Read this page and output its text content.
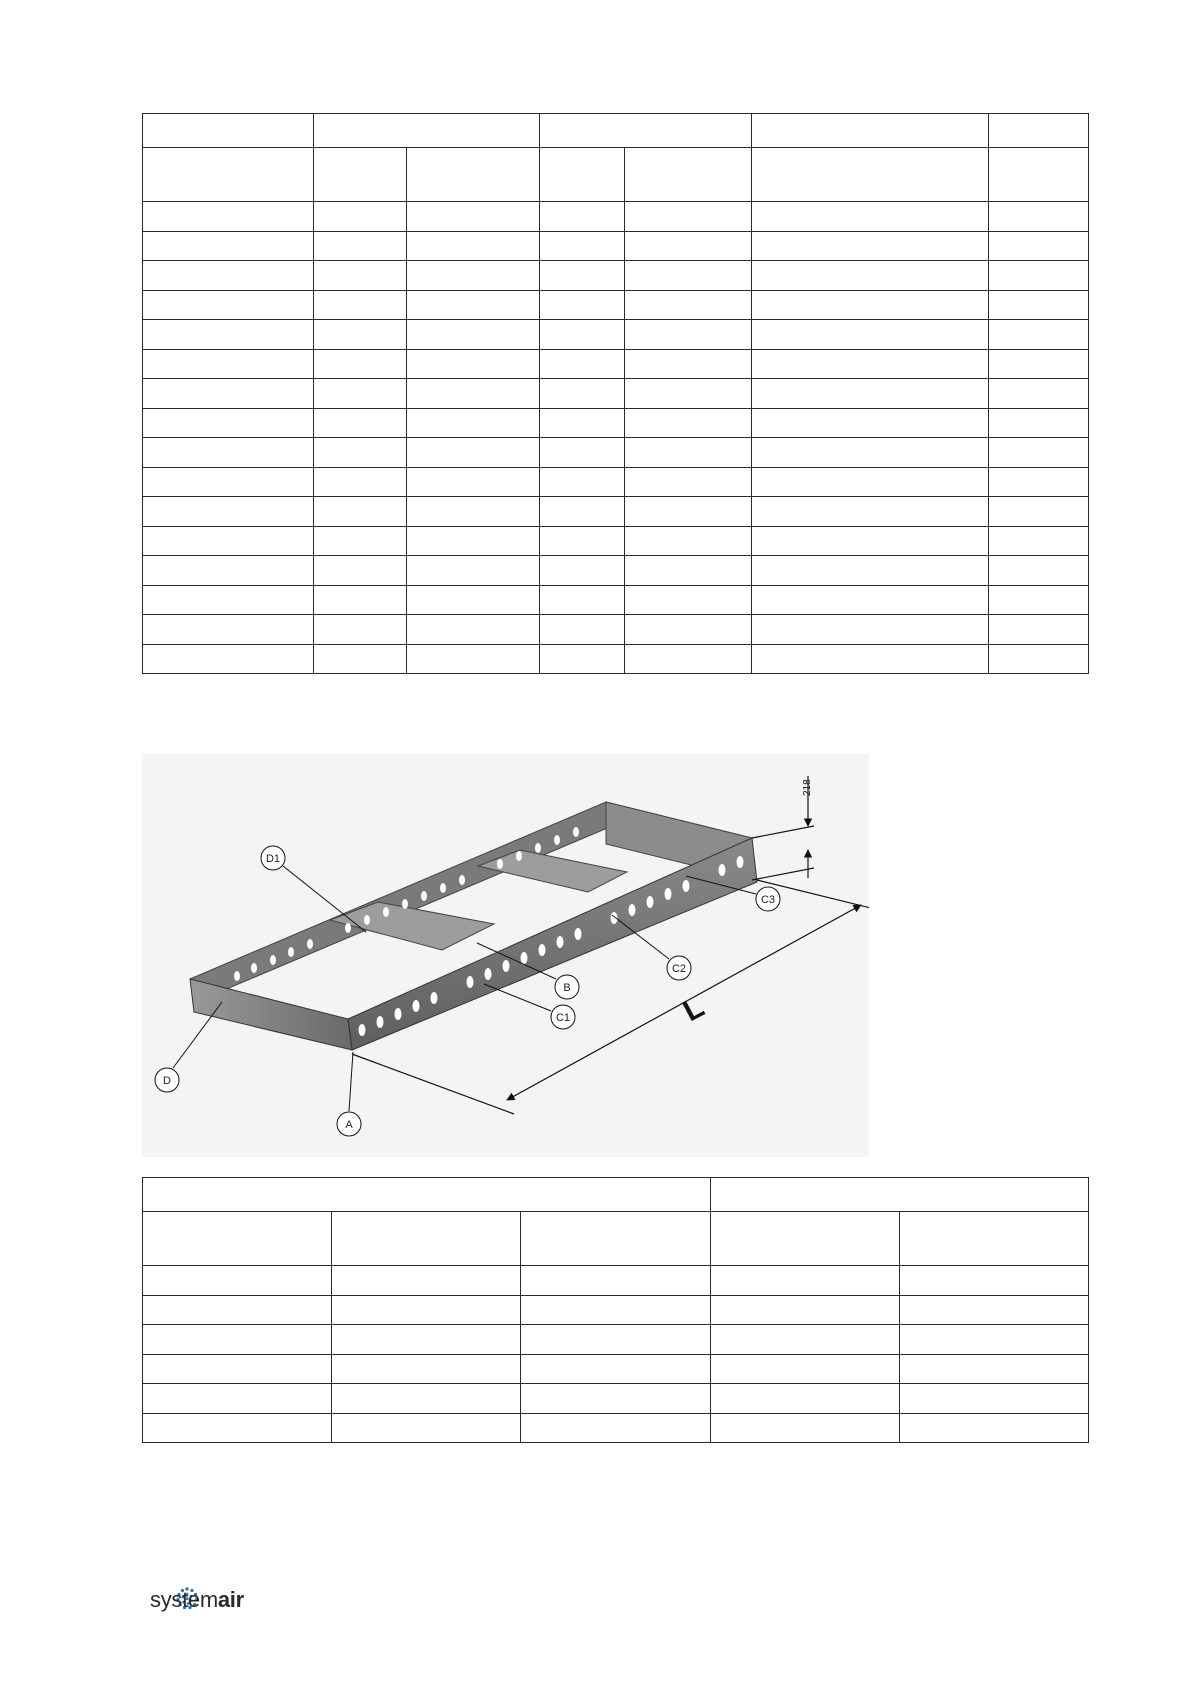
D1
C1
B
C2
C3
D
A
L
218

systemair
